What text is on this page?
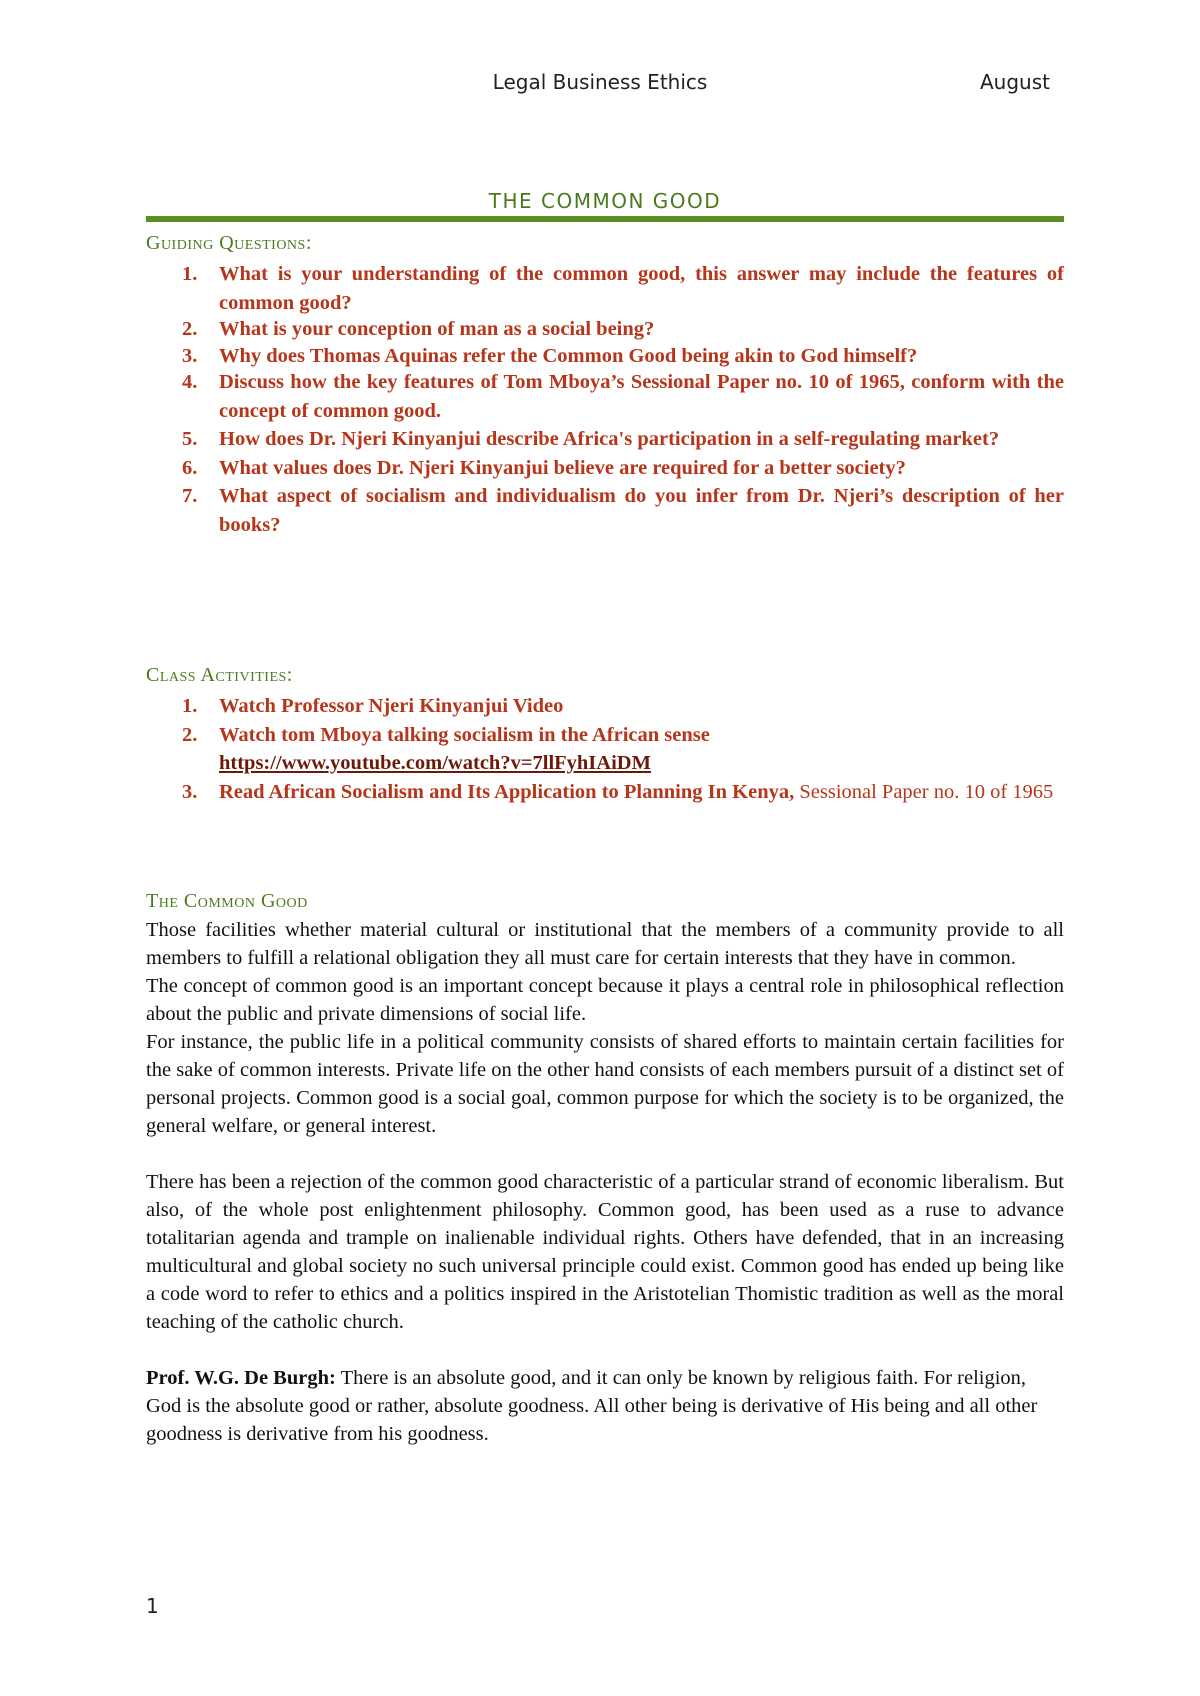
Legal Business Ethics	August
THE COMMON GOOD
Guiding Questions:
1. What is your understanding of the common good, this answer may include the features of common good?
2. What is your conception of man as a social being?
3. Why does Thomas Aquinas refer the Common Good being akin to God himself?
4. Discuss how the key features of Tom Mboya’s Sessional Paper no. 10 of 1965, conform with the concept of common good.
5. How does Dr. Njeri Kinyanjui describe Africa's participation in a self-regulating market?
6. What values does Dr. Njeri Kinyanjui believe are required for a better society?
7. What aspect of socialism and individualism do you infer from Dr. Njeri’s description of her books?
Class Activities:
1. Watch Professor Njeri Kinyanjui Video
2. Watch tom Mboya talking socialism in the African sense
https://www.youtube.com/watch?v=7llFyhIAiDM
3. Read African Socialism and Its Application to Planning In Kenya, Sessional Paper no. 10 of 1965
The Common Good

Those facilities whether material cultural or institutional that the members of a community provide to all members to fulfill a relational obligation they all must care for certain interests that they have in common.

The concept of common good is an important concept because it plays a central role in philosophical reflection about the public and private dimensions of social life.

For instance, the public life in a political community consists of shared efforts to maintain certain facilities for the sake of common interests. Private life on the other hand consists of each members pursuit of a distinct set of personal projects. Common good is a social goal, common purpose for which the society is to be organized, the general welfare, or general interest.

There has been a rejection of the common good characteristic of a particular strand of economic liberalism. But also, of the whole post enlightenment philosophy. Common good, has been used as a ruse to advance totalitarian agenda and trample on inalienable individual rights. Others have defended, that in an increasing multicultural and global society no such universal principle could exist. Common good has ended up being like a code word to refer to ethics and a politics inspired in the Aristotelian Thomistic tradition as well as the moral teaching of the catholic church.

Prof. W.G. De Burgh: There is an absolute good, and it can only be known by religious faith. For religion, God is the absolute good or rather, absolute goodness. All other being is derivative of His being and all other goodness is derivative from his goodness.

1
